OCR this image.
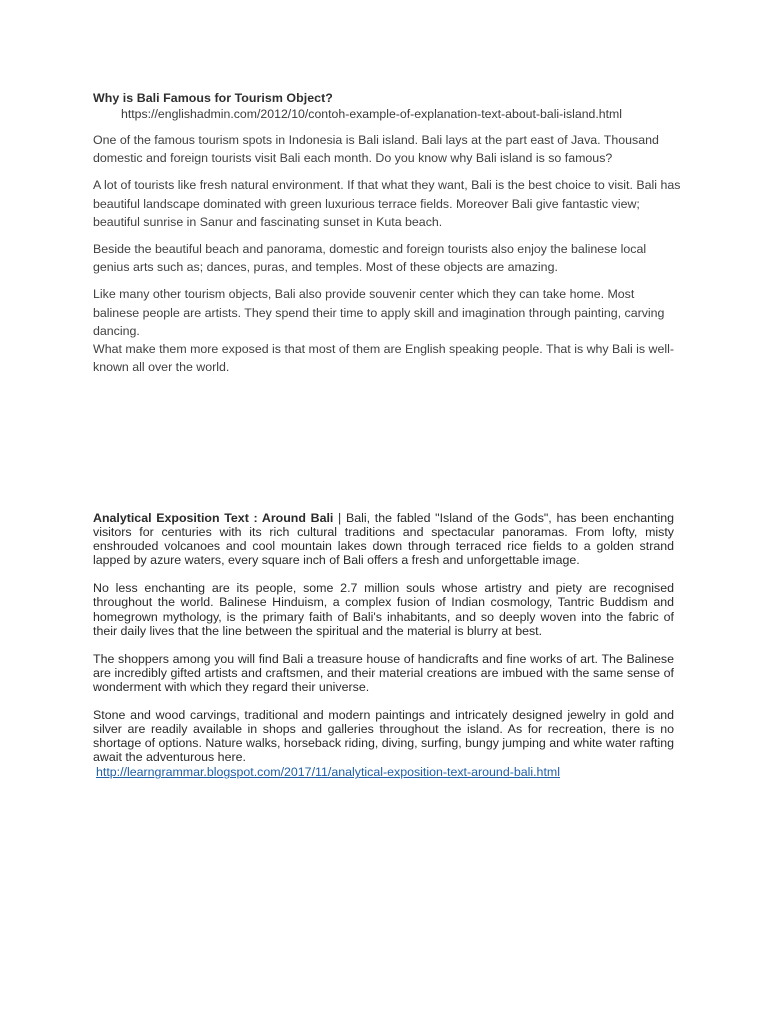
Why is Bali Famous for Tourism Object?

https://englishadmin.com/2012/10/contoh-example-of-explanation-text-about-bali-island.html

One of the famous tourism spots in Indonesia is Bali island. Bali lays at the part east of Java. Thousand domestic and foreign tourists visit Bali each month. Do you know why Bali island is so famous?

A lot of tourists like fresh natural environment. If that what they want, Bali is the best choice to visit. Bali has beautiful landscape dominated with green luxurious terrace fields. Moreover Bali give fantastic view; beautiful sunrise in Sanur and fascinating sunset in Kuta beach.

Beside the beautiful beach and panorama, domestic and foreign tourists also enjoy the balinese local genius arts such as; dances, puras, and temples. Most of these objects are amazing.

Like many other tourism objects, Bali also provide souvenir center which they can take home. Most balinese people are artists. They spend their time to apply skill and imagination through painting, carving dancing.

What make them more exposed is that most of them are English speaking people. That is why Bali is well-known all over the world.

Analytical Exposition Text : Around Bali | Bali, the fabled "Island of the Gods", has been enchanting visitors for centuries with its rich cultural traditions and spectacular panoramas. From lofty, misty enshrouded volcanoes and cool mountain lakes down through terraced rice fields to a golden strand lapped by azure waters, every square inch of Bali offers a fresh and unforgettable image.

No less enchanting are its people, some 2.7 million souls whose artistry and piety are recognised throughout the world. Balinese Hinduism, a complex fusion of Indian cosmology, Tantric Buddism and homegrown mythology, is the primary faith of Bali's inhabitants, and so deeply woven into the fabric of their daily lives that the line between the spiritual and the material is blurry at best.

The shoppers among you will find Bali a treasure house of handicrafts and fine works of art. The Balinese are incredibly gifted artists and craftsmen, and their material creations are imbued with the same sense of wonderment with which they regard their universe.

Stone and wood carvings, traditional and modern paintings and intricately designed jewelry in gold and silver are readily available in shops and galleries throughout the island. As for recreation, there is no shortage of options. Nature walks, horseback riding, diving, surfing, bungy jumping and white water rafting await the adventurous here.
http://learngrammar.blogspot.com/2017/11/analytical-exposition-text-around-bali.html
